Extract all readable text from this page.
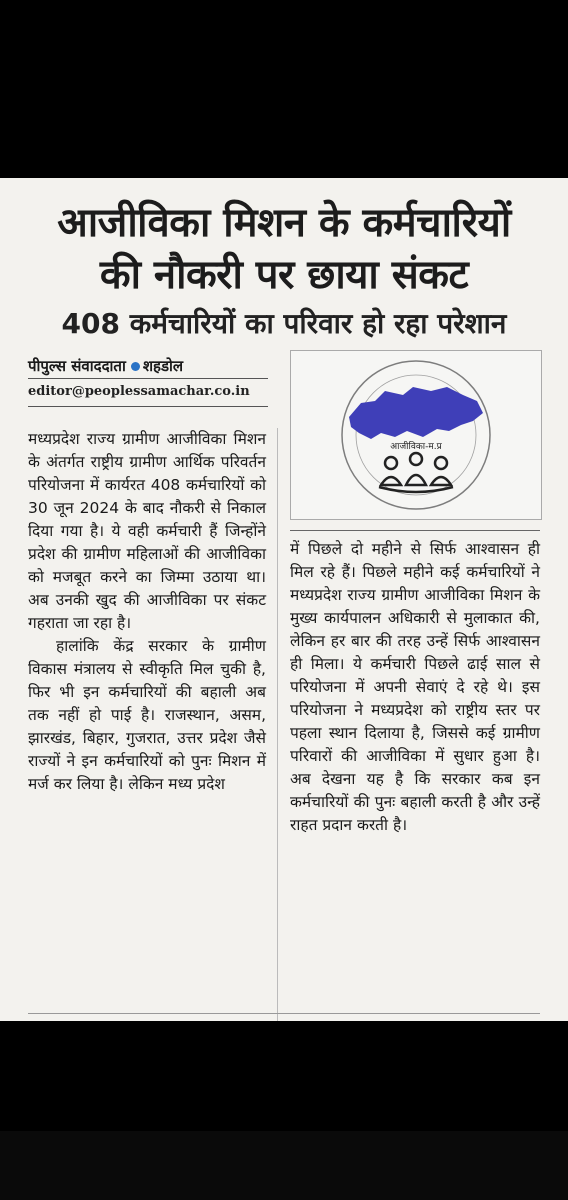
आजीविका मिशन के कर्मचारियों
की नौकरी पर छाया संकट
408 कर्मचारियों का परिवार हो रहा परेशान
पीपुल्स संवाददाता शहडोल
editor@peoplessamachar.co.in
आजीविका-म.प्र

मध्यप्रदेश राज्य ग्रामीण आजीविका मिशन के अंतर्गत राष्ट्रीय ग्रामीण आर्थिक परिवर्तन परियोजना में कार्यरत 408 कर्मचारियों को 30 जून 2024 के बाद नौकरी से निकाल दिया गया है। ये वही कर्मचारी हैं जिन्होंने प्रदेश की ग्रामीण महिलाओं की आजीविका को मजबूत करने का जिम्मा उठाया था। अब उनकी खुद की आजीविका पर संकट गहराता जा रहा है।

हालांकि केंद्र सरकार के ग्रामीण विकास मंत्रालय से स्वीकृति मिल चुकी है, फिर भी इन कर्मचारियों की बहाली अब तक नहीं हो पाई है। राजस्थान, असम, झारखंड, बिहार, गुजरात, उत्तर प्रदेश जैसे राज्यों ने इन कर्मचारियों को पुनः मिशन में मर्ज कर लिया है। लेकिन मध्य प्रदेश

में पिछले दो महीने से सिर्फ आश्वासन ही मिल रहे हैं। पिछले महीने कई कर्मचारियों ने मध्यप्रदेश राज्य ग्रामीण आजीविका मिशन के मुख्य कार्यपालन अधिकारी से मुलाकात की, लेकिन हर बार की तरह उन्हें सिर्फ आश्वासन ही मिला। ये कर्मचारी पिछले ढाई साल से परियोजना में अपनी सेवाएं दे रहे थे। इस परियोजना ने मध्यप्रदेश को राष्ट्रीय स्तर पर पहला स्थान दिलाया है, जिससे कई ग्रामीण परिवारों की आजीविका में सुधार हुआ है। अब देखना यह है कि सरकार कब इन कर्मचारियों की पुनः बहाली करती है और उन्हें राहत प्रदान करती है।
